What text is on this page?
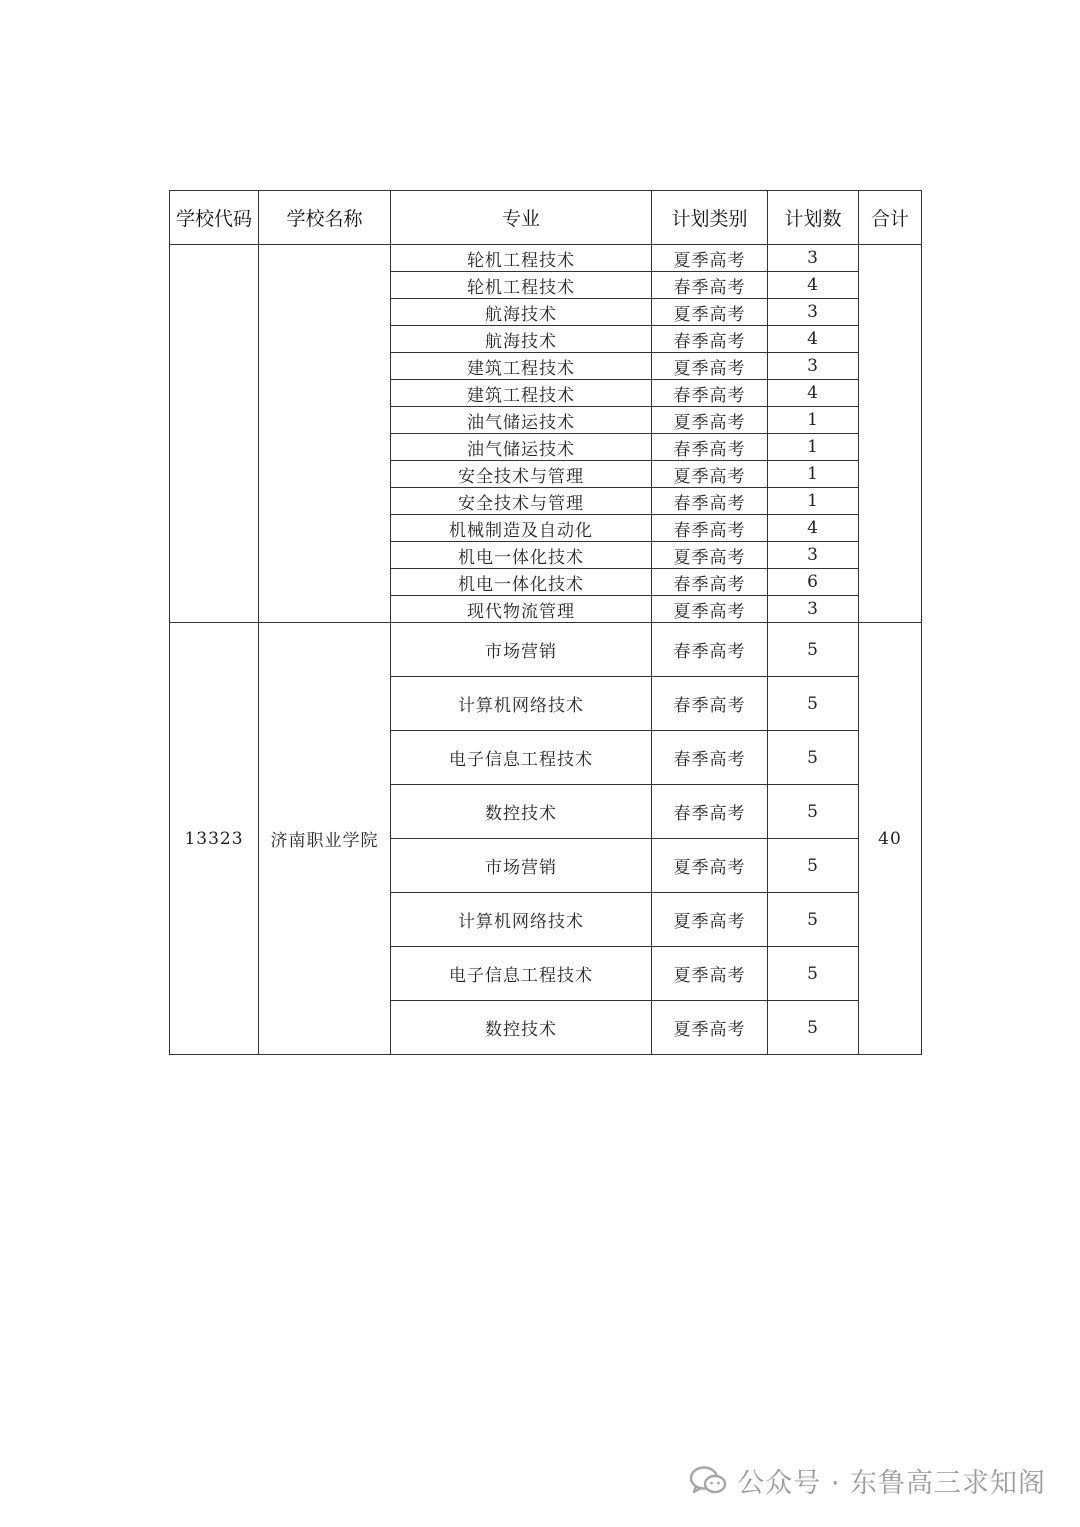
学校代码	学校名称	专业	计划类别	计划数	合计
		轮机工程技术	夏季高考	3	
		轮机工程技术	春季高考	4	
		航海技术	夏季高考	3	
		航海技术	春季高考	4	
		建筑工程技术	夏季高考	3	
		建筑工程技术	春季高考	4	
		油气储运技术	夏季高考	1	
		油气储运技术	春季高考	1	
		安全技术与管理	夏季高考	1	
		安全技术与管理	春季高考	1	
		机械制造及自动化	春季高考	4	
		机电一体化技术	夏季高考	3	
		机电一体化技术	春季高考	6	
		现代物流管理	夏季高考	3	
13323	济南职业学院	市场营销	春季高考	5	40
		计算机网络技术	春季高考	5	
		电子信息工程技术	春季高考	5	
		数控技术	春季高考	5	
		市场营销	夏季高考	5	
		计算机网络技术	夏季高考	5	
		电子信息工程技术	夏季高考	5	
		数控技术	夏季高考	5	
公众号 · 东鲁高三求知阁
